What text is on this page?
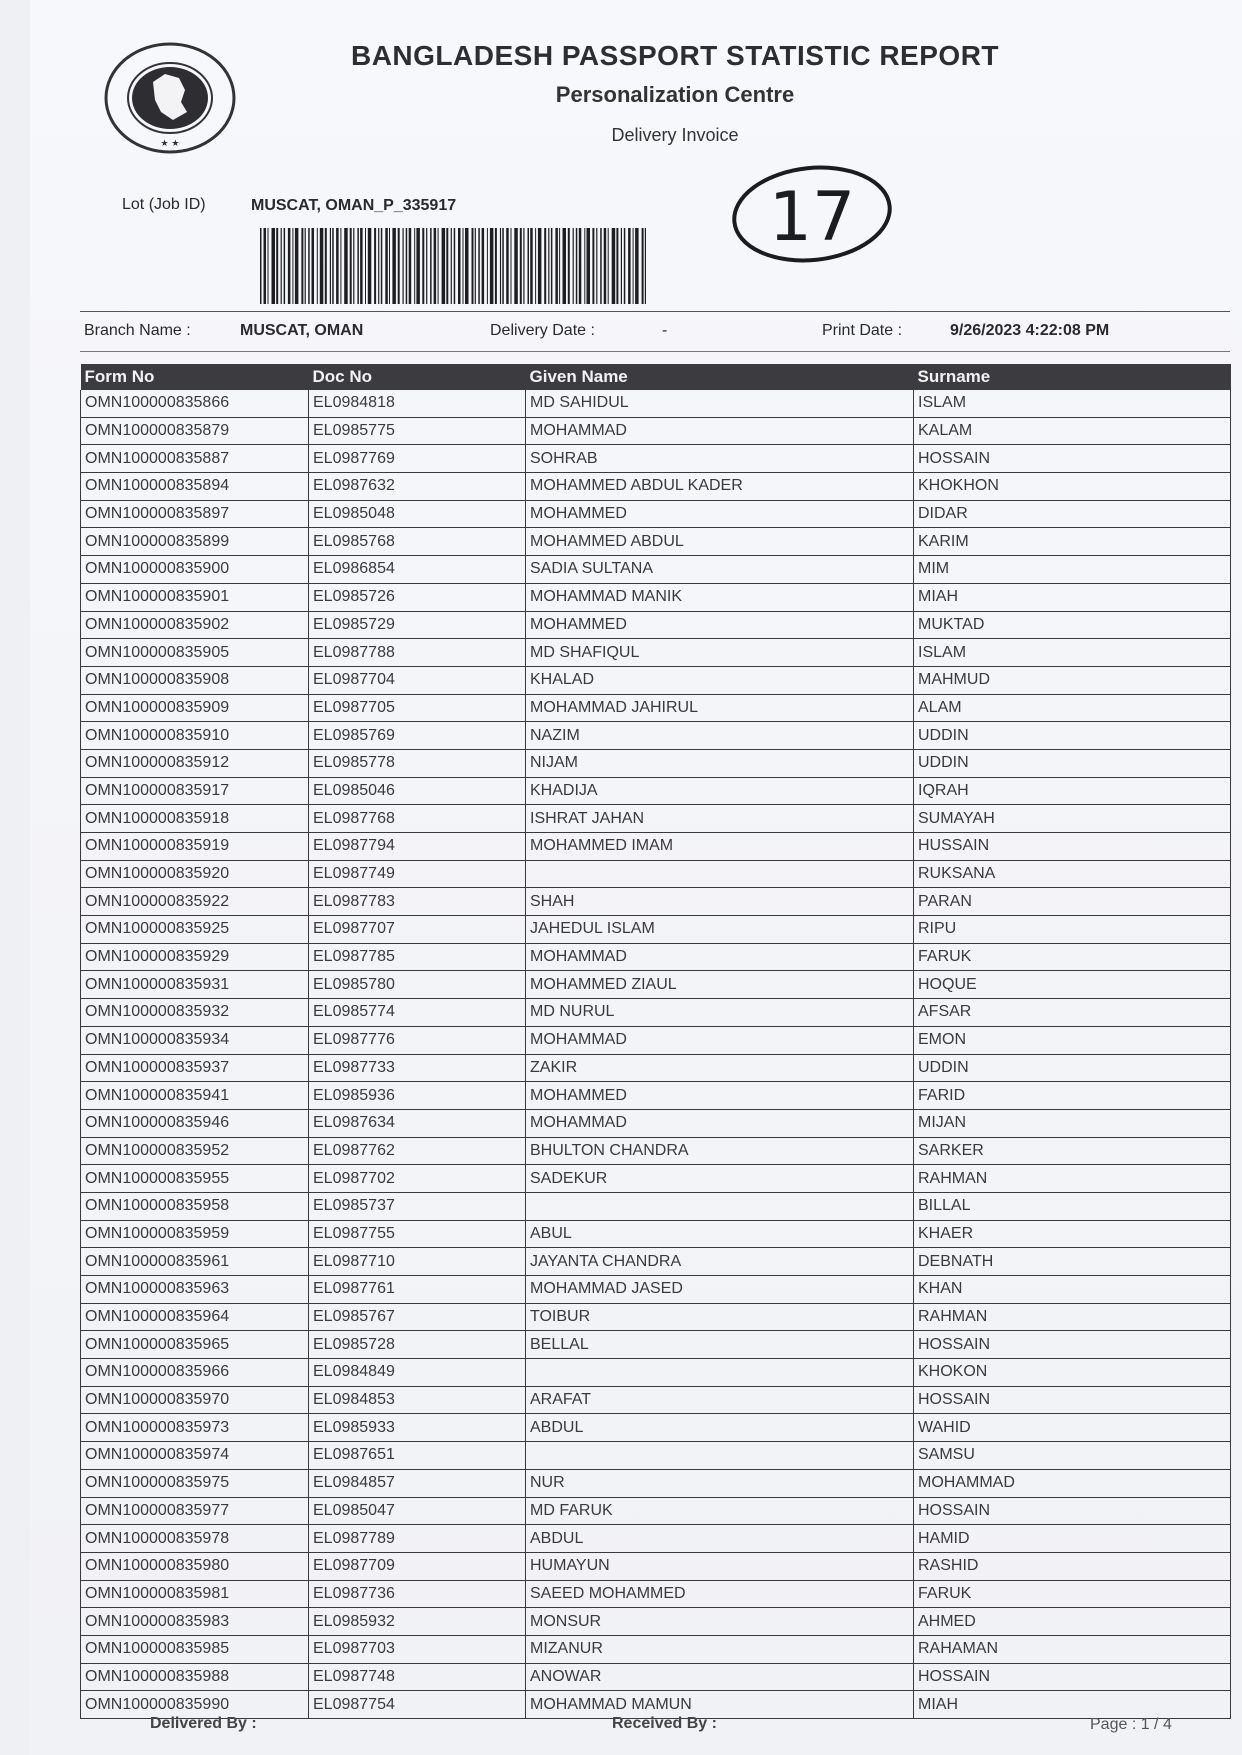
★ ★
BANGLADESH PASSPORT STATISTIC REPORT
Personalization Centre
Delivery Invoice
Lot (Job ID)	MUSCAT, OMAN_P_335917	17
Branch Name :	MUSCAT, OMAN	Delivery Date :	-	Print Date :	9/26/2023 4:22:08 PM
Form No	Doc No	Given Name	Surname
OMN100000835866	EL0984818	MD SAHIDUL	ISLAM
OMN100000835879	EL0985775	MOHAMMAD	KALAM
OMN100000835887	EL0987769	SOHRAB	HOSSAIN
OMN100000835894	EL0987632	MOHAMMED ABDUL KADER	KHOKHON
OMN100000835897	EL0985048	MOHAMMED	DIDAR
OMN100000835899	EL0985768	MOHAMMED ABDUL	KARIM
OMN100000835900	EL0986854	SADIA SULTANA	MIM
OMN100000835901	EL0985726	MOHAMMAD MANIK	MIAH
OMN100000835902	EL0985729	MOHAMMED	MUKTAD
OMN100000835905	EL0987788	MD SHAFIQUL	ISLAM
OMN100000835908	EL0987704	KHALAD	MAHMUD
OMN100000835909	EL0987705	MOHAMMAD JAHIRUL	ALAM
OMN100000835910	EL0985769	NAZIM	UDDIN
OMN100000835912	EL0985778	NIJAM	UDDIN
OMN100000835917	EL0985046	KHADIJA	IQRAH
OMN100000835918	EL0987768	ISHRAT JAHAN	SUMAYAH
OMN100000835919	EL0987794	MOHAMMED IMAM	HUSSAIN
OMN100000835920	EL0987749		RUKSANA
OMN100000835922	EL0987783	SHAH	PARAN
OMN100000835925	EL0987707	JAHEDUL ISLAM	RIPU
OMN100000835929	EL0987785	MOHAMMAD	FARUK
OMN100000835931	EL0985780	MOHAMMED ZIAUL	HOQUE
OMN100000835932	EL0985774	MD NURUL	AFSAR
OMN100000835934	EL0987776	MOHAMMAD	EMON
OMN100000835937	EL0987733	ZAKIR	UDDIN
OMN100000835941	EL0985936	MOHAMMED	FARID
OMN100000835946	EL0987634	MOHAMMAD	MIJAN
OMN100000835952	EL0987762	BHULTON CHANDRA	SARKER
OMN100000835955	EL0987702	SADEKUR	RAHMAN
OMN100000835958	EL0985737		BILLAL
OMN100000835959	EL0987755	ABUL	KHAER
OMN100000835961	EL0987710	JAYANTA CHANDRA	DEBNATH
OMN100000835963	EL0987761	MOHAMMAD JASED	KHAN
OMN100000835964	EL0985767	TOIBUR	RAHMAN
OMN100000835965	EL0985728	BELLAL	HOSSAIN
OMN100000835966	EL0984849		KHOKON
OMN100000835970	EL0984853	ARAFAT	HOSSAIN
OMN100000835973	EL0985933	ABDUL	WAHID
OMN100000835974	EL0987651		SAMSU
OMN100000835975	EL0984857	NUR	MOHAMMAD
OMN100000835977	EL0985047	MD FARUK	HOSSAIN
OMN100000835978	EL0987789	ABDUL	HAMID
OMN100000835980	EL0987709	HUMAYUN	RASHID
OMN100000835981	EL0987736	SAEED MOHAMMED	FARUK
OMN100000835983	EL0985932	MONSUR	AHMED
OMN100000835985	EL0987703	MIZANUR	RAHAMAN
OMN100000835988	EL0987748	ANOWAR	HOSSAIN
OMN100000835990	EL0987754	MOHAMMAD MAMUN	MIAH
Delivered By :	Received By :	Page : 1 / 4
